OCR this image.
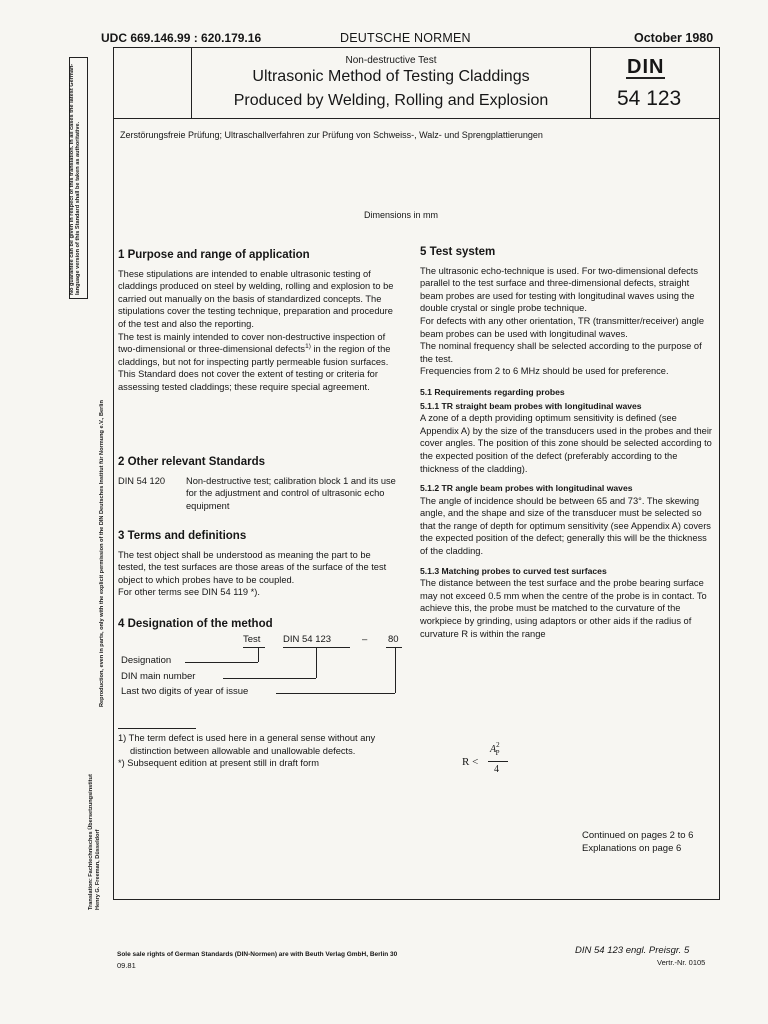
UDC 669.146.99 : 620.179.16	DEUTSCHE NORMEN	October 1980
Non-destructive Test
Ultrasonic Method of Testing Claddings
Produced by Welding, Rolling and Explosion
DIN
54 123
Zerstörungsfreie Prüfung; Ultraschallverfahren zur Prüfung von Schweiss-, Walz- und Sprengplattierungen
Dimensions in mm

1 Purpose and range of application

These stipulations are intended to enable ultrasonic testing of claddings produced on steel by welding, rolling and explosion to be carried out manually on the basis of standardized concepts. The stipulations cover the testing technique, preparation and procedure of the test and also the reporting.

The test is mainly intended to cover non-destructive inspection of two-dimensional or three-dimensional defects$^{1)}$ in the region of the claddings, but not for inspecting partly permeable fusion surfaces.

This Standard does not cover the extent of testing or criteria for assessing tested claddings; these require special agreement.

2 Other relevant Standards

DIN 54 120	Non-destructive test; calibration block 1 and its use for the adjustment and control of ultrasonic echo equipment

3 Terms and definitions

The test object shall be understood as meaning the part to be tested, the test surfaces are those areas of the surface of the test object to which probes have to be coupled.

For other terms see DIN 54 119 *).

4 Designation of the method
Test DIN 54 123	– 80
Designation
DIN main number
Last two digits of year of issue

1) The term defect is used here in a general sense without any distinction between allowable and unallowable defects.

*) Subsequent edition at present still in draft form

5 Test system

The ultrasonic echo-technique is used. For two-dimensional defects parallel to the test surface and three-dimensional defects, straight beam probes are used for testing with longitudinal waves using the double crystal or single probe technique.

For defects with any other orientation, TR (transmitter/receiver) angle beam probes can be used with longitudinal waves.

The nominal frequency shall be selected according to the purpose of the test.

Frequencies from 2 to 6 MHz should be used for preference.

5.1 Requirements regarding probes

5.1.1 TR straight beam probes with longitudinal waves

A zone of a depth providing optimum sensitivity is defined (see Appendix A) by the size of the transducers used in the probes and their cover angles. The position of this zone should be selected according to the expected position of the defect (preferably according to the thickness of the cladding).

5.1.2 TR angle beam probes with longitudinal waves

The angle of incidence should be between 65 and 73°. The skewing angle, and the shape and size of the transducer must be selected so that the range of depth for optimum sensitivity (see Appendix A) covers the expected position of the defect; generally this will be the thickness of the cladding.

5.1.3 Matching probes to curved test surfaces

The distance between the test surface and the probe bearing surface may not exceed 0.5 mm when the centre of the probe is in contact. To achieve this, the probe must be matched to the curvature of the workpiece by grinding, using adaptors or other aids if the radius of curvature R is within the range

R <
$A^2_P$
4
Continued on pages 2 to 6
Explanations on page 6
Sole sale rights of German Standards (DIN-Normen) are with Beuth Verlag GmbH, Berlin 30
09.81
DIN 54 123 engl. Preisgr. 5
Vertr.-Nr. 0105
No guarantee can be given in respect of this translation. In all cases the latest German-language version of this Standard shall be taken as authoritative.
Reproduction, even in parts, only with the explicit permission of the DIN Deutsches Institut für Normung e.V., Berlin
Translation: Fachtechnisches Übersetzungsinstitut Henry G. Freeman, Düsseldorf
